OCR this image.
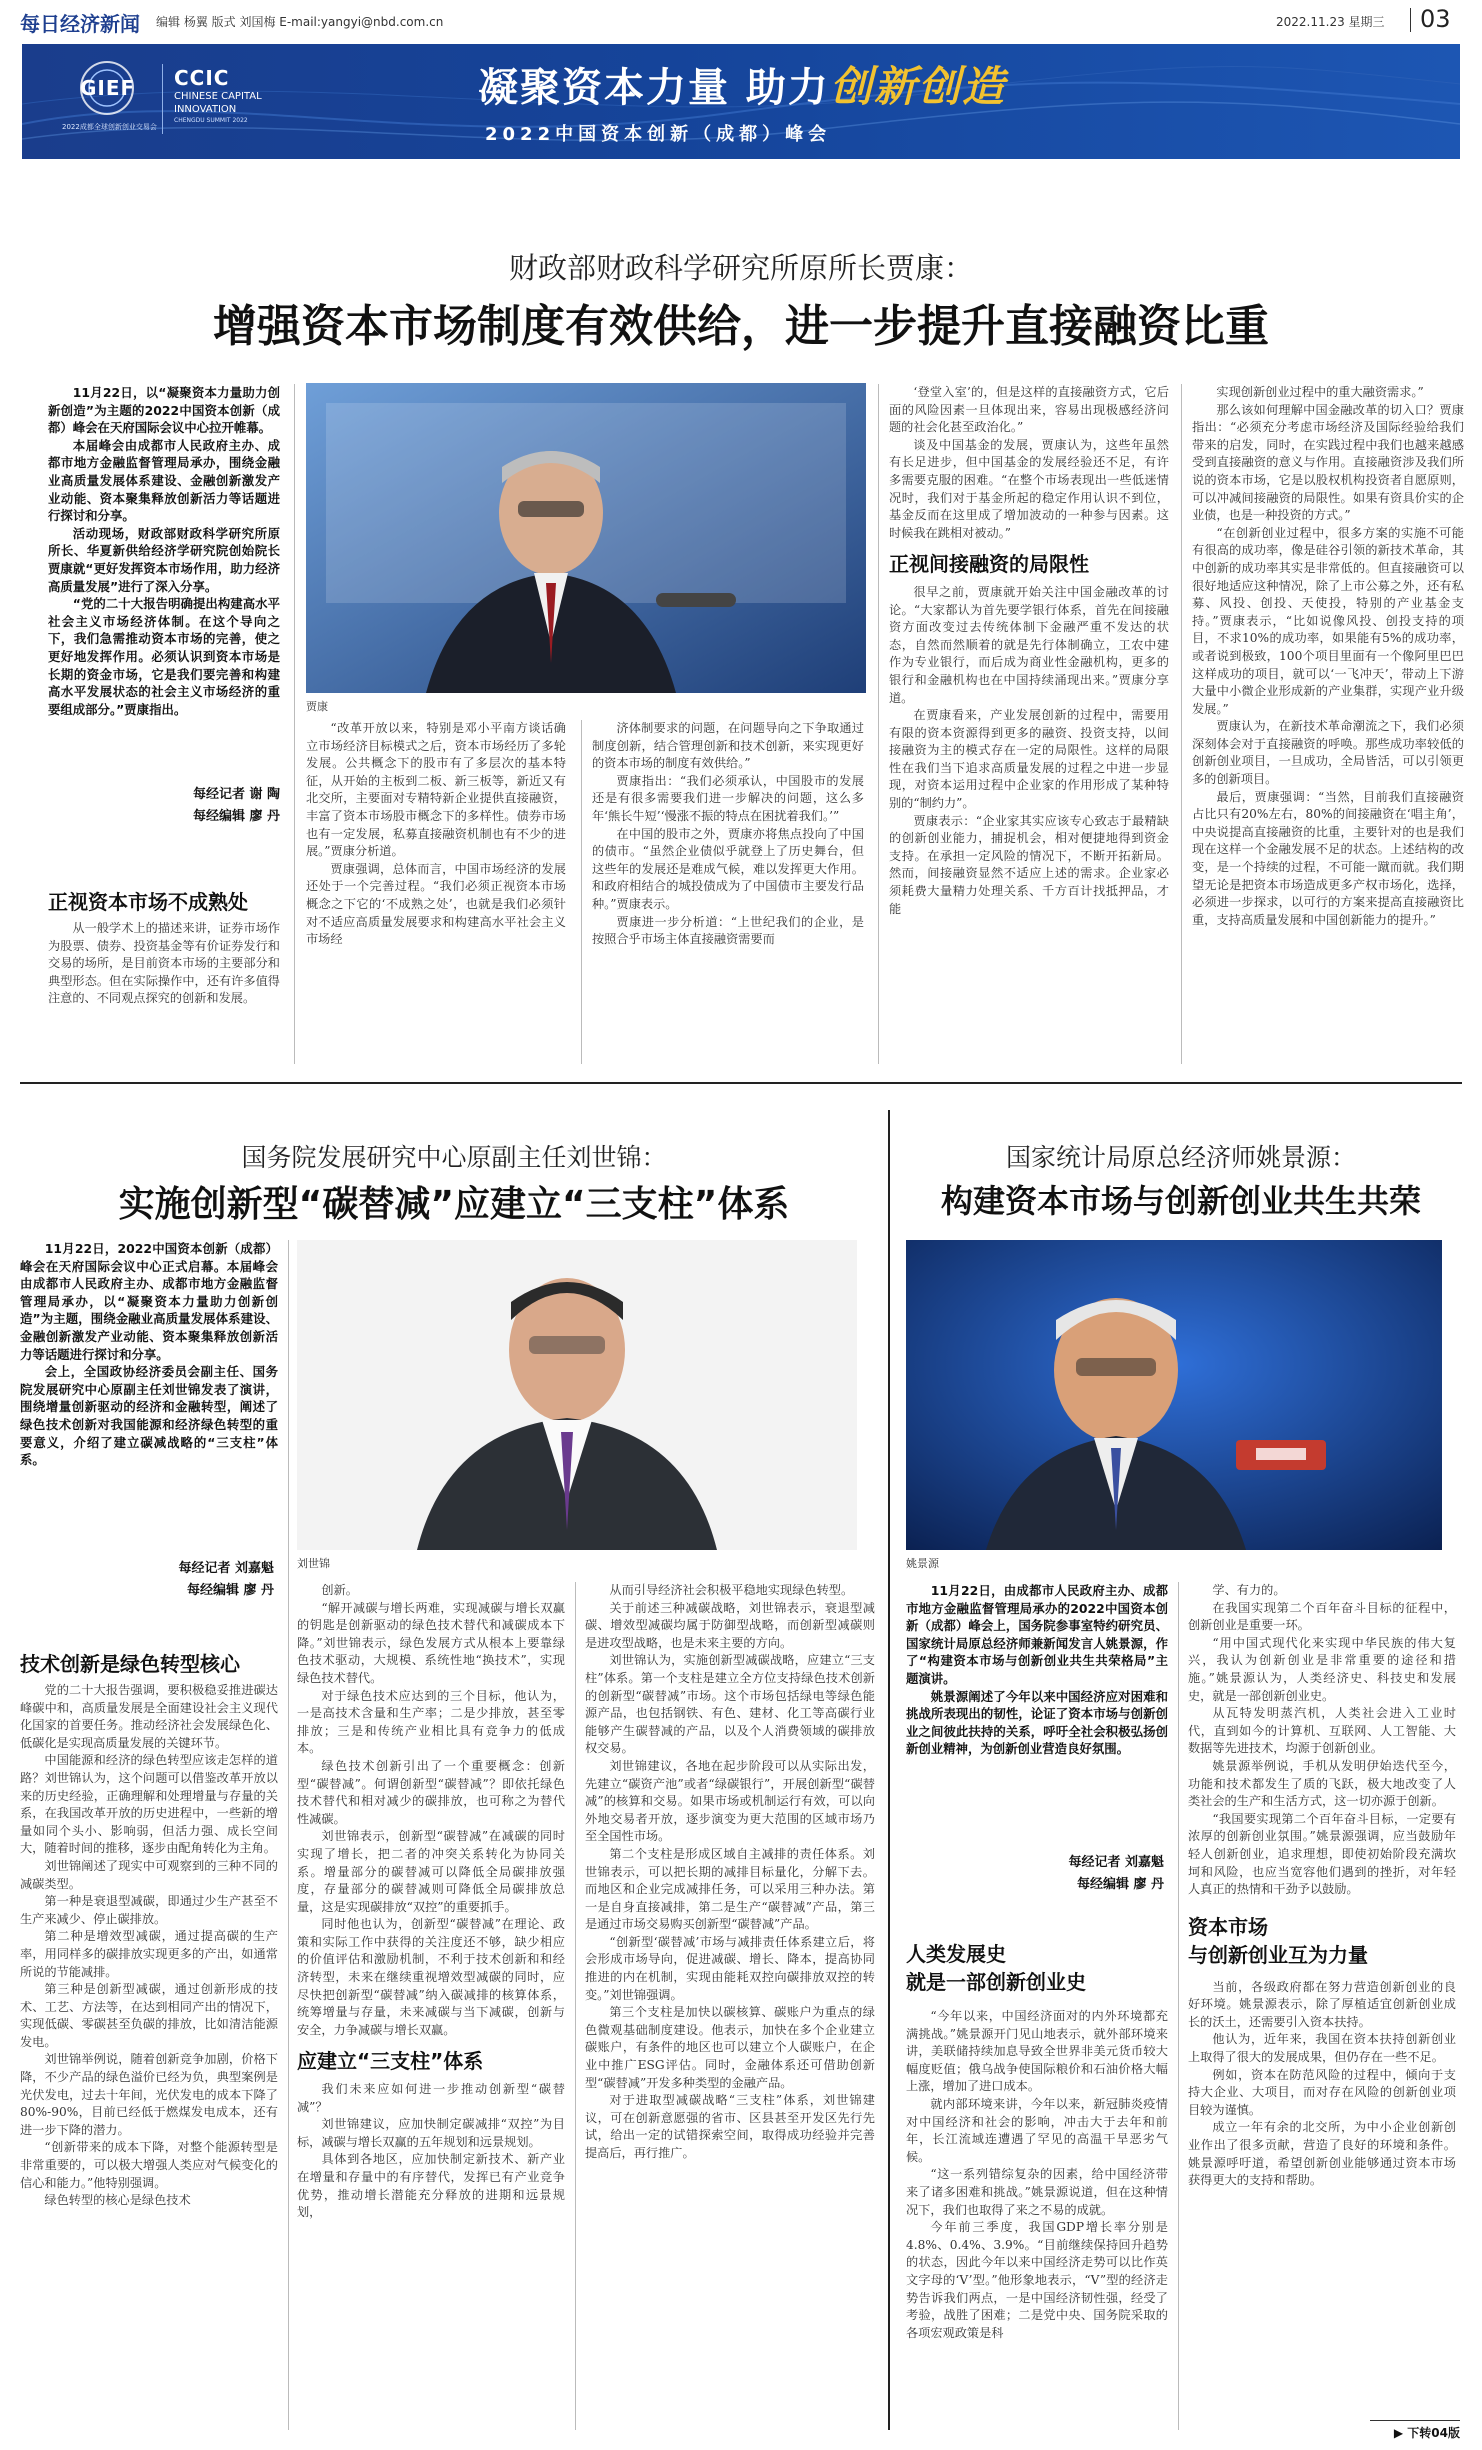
每日经济新闻 编辑 杨翼 版式 刘国梅 E-mail:yangyi@nbd.com.cn	2022.11.23 星期三 03
GIEF
2022成都全球创新创业交易会
CCIC
CHINESE CAPITAL
INNOVATION
CHENGDU SUMMIT 2022
凝聚资本力量 助力创新创造
2022中国资本创新（成都）峰会
财政部财政科学研究所原所长贾康：
增强资本市场制度有效供给，进一步提升直接融资比重

11月22日，以“凝聚资本力量助力创新创造”为主题的2022中国资本创新（成都）峰会在天府国际会议中心拉开帷幕。

本届峰会由成都市人民政府主办、成都市地方金融监督管理局承办，围绕金融业高质量发展体系建设、金融创新激发产业动能、资本聚集释放创新活力等话题进行探讨和分享。

活动现场，财政部财政科学研究所原所长、华夏新供给经济学研究院创始院长贾康就“更好发挥资本市场作用，助力经济高质量发展”进行了深入分享。

“党的二十大报告明确提出构建高水平社会主义市场经济体制。在这个导向之下，我们急需推动资本市场的完善，使之更好地发挥作用。必须认识到资本市场是长期的资金市场，它是我们要完善和构建高水平发展状态的社会主义市场经济的重要组成部分。”贾康指出。

每经记者 谢 陶
每经编辑 廖 丹
正视资本市场不成熟处

从一般学术上的描述来讲，证券市场作为股票、债券、投资基金等有价证券发行和交易的场所，是目前资本市场的主要部分和典型形态。但在实际操作中，还有许多值得注意的、不同观点探究的创新和发展。

贾康

“改革开放以来，特别是邓小平南方谈话确立市场经济目标模式之后，资本市场经历了多轮发展。公共概念下的股市有了多层次的基本特征，从开始的主板到二板、新三板等，新近又有北交所，主要面对专精特新企业提供直接融资，丰富了资本市场股市概念下的多样性。债券市场也有一定发展，私募直接融资机制也有不少的进展。”贾康分析道。

贾康强调，总体而言，中国市场经济的发展还处于一个完善过程。“我们必须正视资本市场概念之下它的‘不成熟之处’，也就是我们必须针对不适应高质量发展要求和构建高水平社会主义市场经

济体制要求的问题，在问题导向之下争取通过制度创新，结合管理创新和技术创新，来实现更好的资本市场的制度有效供给。”

贾康指出：“我们必须承认，中国股市的发展还是有很多需要我们进一步解决的问题，这么多年‘熊长牛短’‘慢涨不振的特点在困扰着我们。’”

在中国的股市之外，贾康亦将焦点投向了中国的债市。“虽然企业债似乎就登上了历史舞台，但这些年的发展还是难成气候，难以发挥更大作用。和政府相结合的城投债成为了中国债市主要发行品种。”贾康表示。

贾康进一步分析道：“上世纪我们的企业，是按照合乎市场主体直接融资需要而

‘登堂入室’的，但是这样的直接融资方式，它后面的风险因素一旦体现出来，容易出现极感经济问题的社会化甚至政治化。”

谈及中国基金的发展，贾康认为，这些年虽然有长足进步，但中国基金的发展经验还不足，有许多需要克服的困难。“在整个市场表现出一些低迷情况时，我们对于基金所起的稳定作用认识不到位，基金反而在这里成了增加波动的一种参与因素。这时候我在跳相对被动。”

正视间接融资的局限性

很早之前，贾康就开始关注中国金融改革的讨论。“大家都认为首先要学银行体系，首先在间接融资方面改变过去传统体制下金融严重不发达的状态，自然而然顺着的就是先行体制确立，工农中建作为专业银行，而后成为商业性金融机构，更多的银行和金融机构也在中国持续涌现出来。”贾康分享道。

在贾康看来，产业发展创新的过程中，需要用有限的资本资源得到更多的融资、投资支持，以间接融资为主的模式存在一定的局限性。这样的局限性在我们当下追求高质量发展的过程之中进一步显现，对资本运用过程中企业家的作用形成了某种特别的“制约力”。

贾康表示：“企业家其实应该专心致志于最精缺的创新创业能力，捕捉机会，相对便捷地得到资金支持。在承担一定风险的情况下，不断开拓新局。然而，间接融资显然不适应上述的需求。企业家必须耗费大量精力处理关系、千方百计找抵押品，才能

实现创新创业过程中的重大融资需求。”

那么该如何理解中国金融改革的切入口？贾康指出：“必须充分考虑市场经济及国际经验给我们带来的启发，同时，在实践过程中我们也越来越感受到直接融资的意义与作用。直接融资涉及我们所说的资本市场，它是以股权机构投资者自愿原则，可以冲减间接融资的局限性。如果有资具价实的企业债，也是一种投资的方式。”

“在创新创业过程中，很多方案的实施不可能有很高的成功率，像是硅谷引领的新技术革命，其中创新的成功率其实是非常低的。但直接融资可以很好地适应这种情况，除了上市公募之外，还有私募、风投、创投、天使投，特别的产业基金支持。”贾康表示，“比如说像风投、创投支持的项目，不求10%的成功率，如果能有5%的成功率，或者说到极致，100个项目里面有一个像阿里巴巴这样成功的项目，就可以‘一飞冲天’，带动上下游大量中小微企业形成新的产业集群，实现产业升级发展。”

贾康认为，在新技术革命潮流之下，我们必须深刻体会对于直接融资的呼唤。那些成功率较低的创新创业项目，一旦成功，全局皆活，可以引领更多的创新项目。

最后，贾康强调：“当然，目前我们直接融资占比只有20%左右，80%的间接融资在‘唱主角’，中央说提高直接融资的比重，主要针对的也是我们现在这样一个金融发展不足的状态。上述结构的改变，是一个持续的过程，不可能一蹴而就。我们期望无论是把资本市场造成更多产权市场化，选择，必须进一步探求，以可行的方案来提高直接融资比重，支持高质量发展和中国创新能力的提升。”

国务院发展研究中心原副主任刘世锦：
实施创新型“碳替减”应建立“三支柱”体系

11月22日，2022中国资本创新（成都）峰会在天府国际会议中心正式启幕。本届峰会由成都市人民政府主办、成都市地方金融监督管理局承办，以“凝聚资本力量助力创新创造”为主题，围绕金融业高质量发展体系建设、金融创新激发产业动能、资本聚集释放创新活力等话题进行探讨和分享。

会上，全国政协经济委员会副主任、国务院发展研究中心原副主任刘世锦发表了演讲，围绕增量创新驱动的经济和金融转型，阐述了绿色技术创新对我国能源和经济绿色转型的重要意义，介绍了建立碳减战略的“三支柱”体系。

每经记者 刘嘉魁
每经编辑 廖 丹
刘世锦
技术创新是绿色转型核心

党的二十大报告强调，要积极稳妥推进碳达峰碳中和，高质量发展是全面建设社会主义现代化国家的首要任务。推动经济社会发展绿色化、低碳化是实现高质量发展的关键环节。

中国能源和经济的绿色转型应该走怎样的道路？刘世锦认为，这个问题可以借鉴改革开放以来的历史经验，正确理解和处理增量与存量的关系，在我国改革开放的历史进程中，一些新的增量如同个头小、影响弱，但活力强、成长空间大，随着时间的推移，逐步由配角转化为主角。

刘世锦阐述了现实中可观察到的三种不同的减碳类型。

第一种是衰退型减碳，即通过少生产甚至不生产来减少、停止碳排放。

第二种是增效型减碳，通过提高碳的生产率，用同样多的碳排放实现更多的产出，如通常所说的节能减排。

第三种是创新型减碳，通过创新形成的技术、工艺、方法等，在达到相同产出的情况下，实现低碳、零碳甚至负碳的排放，比如清洁能源发电。

刘世锦举例说，随着创新竞争加剧，价格下降，不少产品的绿色溢价已经为负，典型案例是光伏发电，过去十年间，光伏发电的成本下降了80%-90%，目前已经低于燃煤发电成本，还有进一步下降的潜力。

“创新带来的成本下降，对整个能源转型是非常重要的，可以极大增强人类应对气候变化的信心和能力。”他特别强调。

绿色转型的核心是绿色技术

创新。

“解开减碳与增长两难，实现减碳与增长双赢的钥匙是创新驱动的绿色技术替代和减碳成本下降。”刘世锦表示，绿色发展方式从根本上要靠绿色技术驱动，大规模、系统性地“换技术”，实现绿色技术替代。

对于绿色技术应达到的三个目标，他认为，一是高技术含量和生产率；二是少排放，甚至零排放；三是和传统产业相比具有竞争力的低成本。

绿色技术创新引出了一个重要概念：创新型“碳替减”。何谓创新型“碳替减”？即依托绿色技术替代和相对减少的碳排放，也可称之为替代性减碳。

刘世锦表示，创新型“碳替减”在减碳的同时实现了增长，把二者的冲突关系转化为协同关系。增量部分的碳替减可以降低全局碳排放强度，存量部分的碳替减则可降低全局碳排放总量，这是实现碳排放“双控”的重要抓手。

同时他也认为，创新型“碳替减”在理论、政策和实际工作中获得的关注度还不够，缺少相应的价值评估和激励机制，不利于技术创新和和经济转型，未来在继续重视增效型减碳的同时，应尽快把创新型“碳替减”纳入碳减排的核算体系，统筹增量与存量，未来减碳与当下减碳，创新与安全，力争减碳与增长双赢。

应建立“三支柱”体系

我们未来应如何进一步推动创新型“碳替减”？

刘世锦建议，应加快制定碳减排“双控”为目标，减碳与增长双赢的五年规划和远景规划。

具体到各地区，应加快制定新技术、新产业在增量和存量中的有序替代，发挥已有产业竞争优势，推动增长潜能充分释放的进期和远景规划，

从而引导经济社会积极平稳地实现绿色转型。

关于前述三种减碳战略，刘世锦表示，衰退型减碳、增效型减碳均属于防御型战略，而创新型减碳则是进攻型战略，也是未来主要的方向。

刘世锦认为，实施创新型减碳战略，应建立“三支柱”体系。第一个支柱是建立全方位支持绿色技术创新的创新型“碳替减”市场。这个市场包括绿电等绿色能源产品，也包括钢铁、有色、建材、化工等高碳行业能够产生碳替减的产品，以及个人消费领域的碳排放权交易。

刘世锦建议，各地在起步阶段可以从实际出发，先建立“碳资产池”或者“绿碳银行”，开展创新型“碳替减”的核算和交易。如果市场或机制运行有效，可以向外地交易者开放，逐步演变为更大范围的区域市场乃至全国性市场。

第二个支柱是形成区域自主减排的责任体系。刘世锦表示，可以把长期的减排目标量化，分解下去。而地区和企业完成减排任务，可以采用三种办法。第一是自身直接减排，第二是生产“碳替减”产品，第三是通过市场交易购买创新型“碳替减”产品。

“创新型‘碳替减’市场与减排责任体系建立后，将会形成市场导向，促进减碳、增长、降本，提高协同推进的内在机制，实现由能耗双控向碳排放双控的转变。”刘世锦强调。

第三个支柱是加快以碳核算、碳账户为重点的绿色微观基础制度建设。他表示，加快在多个企业建立碳账户，有条件的地区也可以建立个人碳账户，在企业中推广ESG评估。同时，金融体系还可借助创新型“碳替减”开发多种类型的金融产品。

对于进取型减碳战略“三支柱”体系，刘世锦建议，可在创新意愿强的省市、区县甚至开发区先行先试，给出一定的试错探索空间，取得成功经验并完善提高后，再行推广。

国家统计局原总经济师姚景源：
构建资本市场与创新创业共生共荣
姚景源

11月22日，由成都市人民政府主办、成都市地方金融监督管理局承办的2022中国资本创新（成都）峰会上，国务院参事室特约研究员、国家统计局原总经济师兼新闻发言人姚景源，作了“构建资本市场与创新创业共生共荣格局”主题演讲。

姚景源阐述了今年以来中国经济应对困难和挑战所表现出的韧性，论证了资本市场与创新创业之间彼此扶持的关系，呼吁全社会积极弘扬创新创业精神，为创新创业营造良好氛围。

每经记者 刘嘉魁
每经编辑 廖 丹
人类发展史
就是一部创新创业史

“今年以来，中国经济面对的内外环境都充满挑战。”姚景源开门见山地表示，就外部环境来讲，美联储持续加息导致全世界非美元货币较大幅度贬值；俄乌战争使国际粮价和石油价格大幅上涨，增加了进口成本。

就内部环境来讲，今年以来，新冠肺炎疫情对中国经济和社会的影响，冲击大于去年和前年，长江流域连遭遇了罕见的高温干旱恶劣气候。

“这一系列错综复杂的因素，给中国经济带来了诸多困难和挑战。”姚景源说道，但在这种情况下，我们也取得了来之不易的成就。

今年前三季度，我国GDP增长率分别是4.8%、0.4%、3.9%。“目前继续保持回升趋势的状态，因此今年以来中国经济走势可以比作英文字母的‘V’型。”他形象地表示，“V”型的经济走势告诉我们两点，一是中国经济韧性强，经受了考验，战胜了困难；二是党中央、国务院采取的各项宏观政策是科

学、有力的。

在我国实现第二个百年奋斗目标的征程中，创新创业是重要一环。

“用中国式现代化来实现中华民族的伟大复兴，我认为创新创业是非常重要的途径和措施。”姚景源认为，人类经济史、科技史和发展史，就是一部创新创业史。

从瓦特发明蒸汽机，人类社会进入工业时代，直到如今的计算机、互联网、人工智能、大数据等先进技术，均源于创新创业。

姚景源举例说，手机从发明伊始迭代至今，功能和技术都发生了质的飞跃，极大地改变了人类社会的生产和生活方式，这一切亦源于创新。

“我国要实现第二个百年奋斗目标，一定要有浓厚的创新创业氛围。”姚景源强调，应当鼓励年轻人创新创业，追求理想，即使初始阶段充满坎坷和风险，也应当宽容他们遇到的挫折，对年轻人真正的热情和干劲予以鼓励。

资本市场
与创新创业互为力量

当前，各级政府都在努力营造创新创业的良好环境。姚景源表示，除了厚植适宜创新创业成长的沃土，还需要引入资本扶持。

他认为，近年来，我国在资本扶持创新创业上取得了很大的发展成果，但仍存在一些不足。

例如，资本在防范风险的过程中，倾向于支持大企业、大项目，而对存在风险的创新创业项目较为谨慎。

成立一年有余的北交所，为中小企业创新创业作出了很多贡献，营造了良好的环境和条件。姚景源呼吁道，希望创新创业能够通过资本市场获得更大的支持和帮助。

▶ 下转04版
